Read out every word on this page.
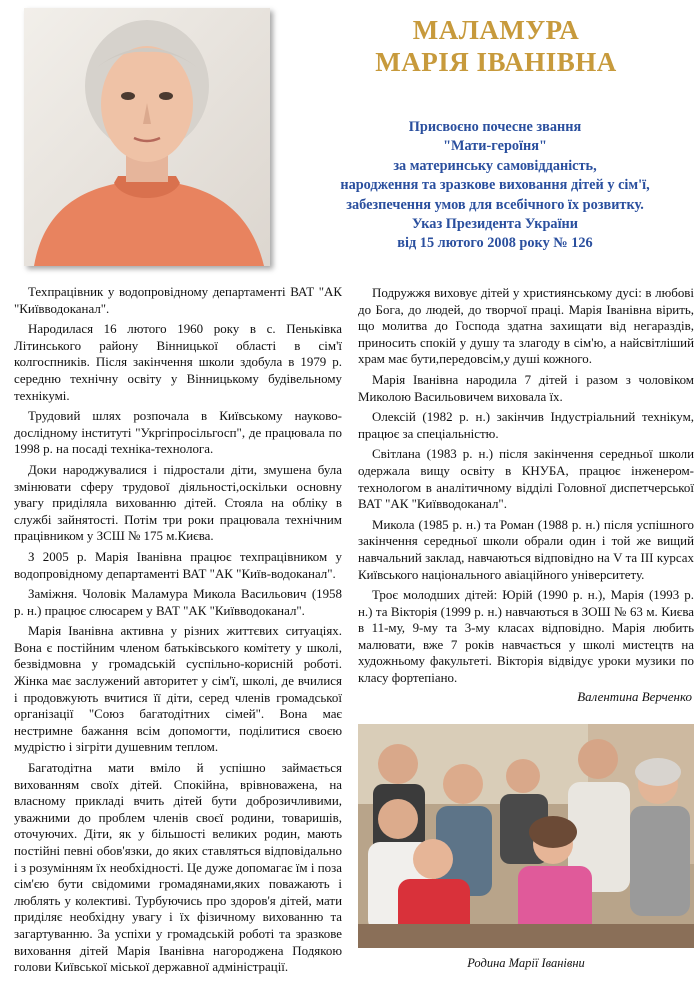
МАЛАМУРА
МАРІЯ ІВАНІВНА
Присвоєно почесне звання
"Мати-героїня"
за материнську самовідданість,
народження та зразкове виховання дітей у сім'ї,
забезпечення умов для всебічного їх розвитку.
Указ Президента України
від 15 лютого 2008 року № 126

Техпрацівник у водопровідному департаменті ВАТ "АК "Київводоканал".

Народилася 16 лютого 1960 року в с. Пеньківка Літинського району Вінницької області в сім'ї колгоспників. Після закінчення школи здобула в 1979 р. середню технічну освіту у Вінницькому будівельному технікумі.

Трудовий шлях розпочала в Київському науково-дослідному інституті "Укргіпросільгосп", де працювала по 1998 р. на посаді техніка-технолога.

Доки народжувалися і підростали діти, змушена була змінювати сферу трудової діяльності,оскільки основну увагу приділяла вихованню дітей. Стояла на обліку в службі зайнятості. Потім три роки працювала технічним працівником у ЗСШ № 175 м.Києва.

З 2005 р. Марія Іванівна працює техпрацівником у водопровідному департаменті ВАТ "АК "Київ-водоканал".

Заміжня. Чоловік Маламура Микола Васильович (1958 р. н.) працює слюсарем у ВАТ "АК "Київводоканал".

Марія Іванівна активна у різних життєвих ситуаціях. Вона є постійним членом батьківського комітету у школі, безвідмовна у громадській суспільно-корисній роботі. Жінка має заслужений авторитет у сім'ї, школі, де вчилися і продовжують вчитися її діти, серед членів громадської організації "Союз багатодітних сімей". Вона має нестримне бажання всім допомогти, поділитися своєю мудрістю і зігріти душевним теплом.

Багатодітна мати вміло й успішно займається вихованням своїх дітей. Спокійна, врівноважена, на власному прикладі вчить дітей бути доброзичливими, уважними до проблем членів своєї родини, товаришів, оточуючих. Діти, як у більшості великих родин, мають постійні певні обов'язки, до яких ставляться відповідально і з розумінням їх необхідності. Це дуже допомагає їм і поза сім'єю бути свідомими громадянами,яких поважають і люблять у колективі. Турбуючись про здоров'я дітей, мати приділяє необхідну увагу і їх фізичному вихованню та загартуванню. За успіхи у громадській роботі та зразкове виховання дітей Марія Іванівна нагороджена Подякою голови Київської міської державної адміністрації.

Подружжя виховує дітей у християнському дусі: в любові до Бога, до людей, до творчої праці. Марія Іванівна вірить, що молитва до Господа здатна захищати від негараздів, приносить спокій у душу та злагоду в сім'ю, а найсвітліший храм має бути,передовсім,у душі кожного.

Марія Іванівна народила 7 дітей і разом з чоловіком Миколою Васильовичем виховала їх.

Олексій (1982 р. н.) закінчив Індустріальний технікум, працює за спеціальністю.

Світлана (1983 р. н.) після закінчення середньої школи одержала вищу освіту в КНУБА, працює інженером-технологом в аналітичному відділі Головної диспетчерської ВАТ "АК "Київводоканал".

Микола (1985 р. н.) та Роман (1988 р. н.) після успішного закінчення середньої школи обрали один і той же вищий навчальний заклад, навчаються відповідно на V та III курсах Київського національного авіаційного університету.

Троє молодших дітей: Юрій (1990 р. н.), Марія (1993 р. н.) та Вікторія (1999 р. н.) навчаються в ЗОШ № 63 м. Києва в 11-му, 9-му та 3-му класах відповідно. Марія любить малювати, вже 7 років навчається у школі мистецтв на художньому факультеті. Вікторія відвідує уроки музики по класу фортепіано.

Валентина Верченко
Родина Марії Іванівни
